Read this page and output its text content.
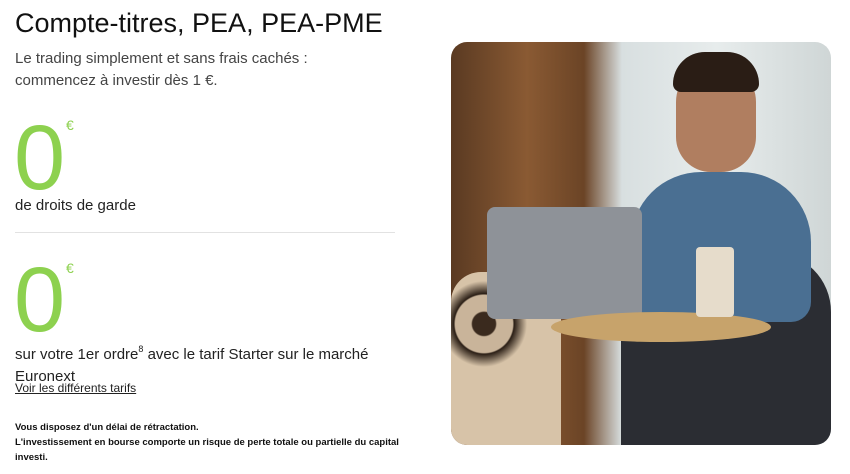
Compte-titres, PEA, PEA-PME
Le trading simplement et sans frais cachés : commencez à investir dès 1 €.
0 €
de droits de garde
0 €
sur votre 1er ordre$^8$ avec le tarif Starter sur le marché Euronext
Voir les différents tarifs
Vous disposez d'un délai de rétractation.
L'investissement en bourse comporte un risque de perte totale ou partielle du capital investi.
